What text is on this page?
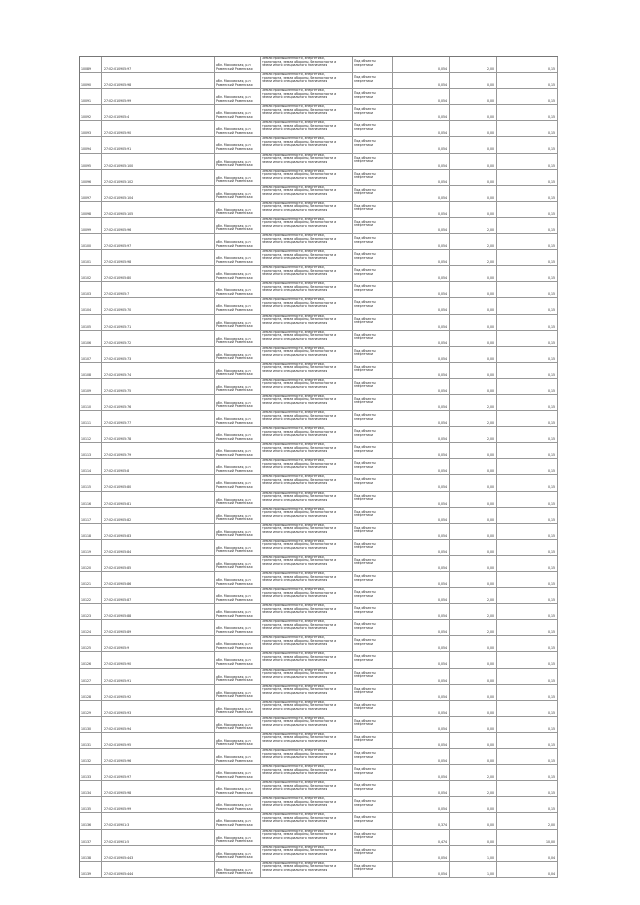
10089	27:02:010905:97
обл. Московская, р-н
Раменский Раменская
Земли промышленности, энергетики,
транспорта, земли обороны, безопасности и
земли иного специального назначения
Под объекты
энергетики
0,054	2,00	0,15
10090	27:02:010905:98
обл. Московская, р-н
Раменский Раменская
Земли промышленности, энергетики,
транспорта, земли обороны, безопасности и
земли иного специального назначения
Под объекты
энергетики
0,054	0,00	0,15
10091	27:02:010905:99
обл. Московская, р-н
Раменский Раменская
Земли промышленности, энергетики,
транспорта, земли обороны, безопасности и
земли иного специального назначения
Под объекты
энергетики
0,054	0,00	0,15
10092	27:02:010905:4
обл. Московская, р-н
Раменский Раменская
Земли промышленности, энергетики,
транспорта, земли обороны, безопасности и
земли иного специального назначения
Под объекты
энергетики
0,054	0,00	0,15
10093	27:02:010905:90
обл. Московская, р-н
Раменский Раменская
Земли промышленности, энергетики,
транспорта, земли обороны, безопасности и
земли иного специального назначения
Под объекты
энергетики
0,054	0,00	0,15
10094	27:02:010905:91
обл. Московская, р-н
Раменский Раменская
Земли промышленности, энергетики,
транспорта, земли обороны, безопасности и
земли иного специального назначения
Под объекты
энергетики
0,054	0,00	0,15
10095	27:02:010905:100
обл. Московская, р-н
Раменский Раменская
Земли промышленности, энергетики,
транспорта, земли обороны, безопасности и
земли иного специального назначения
Под объекты
энергетики
0,054	0,00	0,15
10096	27:02:010905:102
обл. Московская, р-н
Раменский Раменская
Земли промышленности, энергетики,
транспорта, земли обороны, безопасности и
земли иного специального назначения
Под объекты
энергетики
0,054	0,00	0,15
10097	27:02:010905:104
обл. Московская, р-н
Раменский Раменская
Земли промышленности, энергетики,
транспорта, земли обороны, безопасности и
земли иного специального назначения
Под объекты
энергетики
0,054	0,00	0,15
10098	27:02:010905:105
обл. Московская, р-н
Раменский Раменская
Земли промышленности, энергетики,
транспорта, земли обороны, безопасности и
земли иного специального назначения
Под объекты
энергетики
0,054	0,00	0,15
10099	27:02:010905:96
обл. Московская, р-н
Раменский Раменская
Земли промышленности, энергетики,
транспорта, земли обороны, безопасности и
земли иного специального назначения
Под объекты
энергетики
0,054	2,00	0,15
10100	27:02:010905:97
обл. Московская, р-н
Раменский Раменская
Земли промышленности, энергетики,
транспорта, земли обороны, безопасности и
земли иного специального назначения
Под объекты
энергетики
0,054	2,00	0,15
10101	27:02:010905:98
обл. Московская, р-н
Раменский Раменская
Земли промышленности, энергетики,
транспорта, земли обороны, безопасности и
земли иного специального назначения
Под объекты
энергетики
0,054	2,00	0,15
10102	27:02:010905:80
обл. Московская, р-н
Раменский Раменская
Земли промышленности, энергетики,
транспорта, земли обороны, безопасности и
земли иного специального назначения
Под объекты
энергетики
0,054	0,00	0,15
10103	27:02:010905:7
обл. Московская, р-н
Раменский Раменская
Земли промышленности, энергетики,
транспорта, земли обороны, безопасности и
земли иного специального назначения
Под объекты
энергетики
0,054	0,00	0,15
10104	27:02:010905:70
обл. Московская, р-н
Раменский Раменская
Земли промышленности, энергетики,
транспорта, земли обороны, безопасности и
земли иного специального назначения
Под объекты
энергетики
0,054	0,00	0,15
10105	27:02:010905:71
обл. Московская, р-н
Раменский Раменская
Земли промышленности, энергетики,
транспорта, земли обороны, безопасности и
земли иного специального назначения
Под объекты
энергетики
0,054	0,00	0,15
10106	27:02:010905:72
обл. Московская, р-н
Раменский Раменская
Земли промышленности, энергетики,
транспорта, земли обороны, безопасности и
земли иного специального назначения
Под объекты
энергетики
0,054	0,00	0,15
10107	27:02:010905:73
обл. Московская, р-н
Раменский Раменская
Земли промышленности, энергетики,
транспорта, земли обороны, безопасности и
земли иного специального назначения
Под объекты
энергетики
0,054	0,00	0,15
10108	27:02:010905:74
обл. Московская, р-н
Раменский Раменская
Земли промышленности, энергетики,
транспорта, земли обороны, безопасности и
земли иного специального назначения
Под объекты
энергетики
0,054	0,00	0,15
10109	27:02:010905:75
обл. Московская, р-н
Раменский Раменская
Земли промышленности, энергетики,
транспорта, земли обороны, безопасности и
земли иного специального назначения
Под объекты
энергетики
0,054	0,00	0,15
10110	27:02:010905:76
обл. Московская, р-н
Раменский Раменская
Земли промышленности, энергетики,
транспорта, земли обороны, безопасности и
земли иного специального назначения
Под объекты
энергетики
0,054	2,00	0,15
10111	27:02:010905:77
обл. Московская, р-н
Раменский Раменская
Земли промышленности, энергетики,
транспорта, земли обороны, безопасности и
земли иного специального назначения
Под объекты
энергетики
0,054	2,00	0,15
10112	27:02:010905:78
обл. Московская, р-н
Раменский Раменская
Земли промышленности, энергетики,
транспорта, земли обороны, безопасности и
земли иного специального назначения
Под объекты
энергетики
0,054	2,00	0,15
10113	27:02:010905:79
обл. Московская, р-н
Раменский Раменская
Земли промышленности, энергетики,
транспорта, земли обороны, безопасности и
земли иного специального назначения
Под объекты
энергетики
0,054	0,00	0,15
10114	27:02:010905:8
обл. Московская, р-н
Раменский Раменская
Земли промышленности, энергетики,
транспорта, земли обороны, безопасности и
земли иного специального назначения
Под объекты
энергетики
0,054	0,00	0,15
10115	27:02:010905:80
обл. Московская, р-н
Раменский Раменская
Земли промышленности, энергетики,
транспорта, земли обороны, безопасности и
земли иного специального назначения
Под объекты
энергетики
0,054	0,00	0,15
10116	27:02:010905:81
обл. Московская, р-н
Раменский Раменская
Земли промышленности, энергетики,
транспорта, земли обороны, безопасности и
земли иного специального назначения
Под объекты
энергетики
0,054	0,00	0,15
10117	27:02:010905:82
обл. Московская, р-н
Раменский Раменская
Земли промышленности, энергетики,
транспорта, земли обороны, безопасности и
земли иного специального назначения
Под объекты
энергетики
0,054	0,00	0,15
10118	27:02:010905:83
обл. Московская, р-н
Раменский Раменская
Земли промышленности, энергетики,
транспорта, земли обороны, безопасности и
земли иного специального назначения
Под объекты
энергетики
0,054	0,00	0,15
10119	27:02:010905:84
обл. Московская, р-н
Раменский Раменская
Земли промышленности, энергетики,
транспорта, земли обороны, безопасности и
земли иного специального назначения
Под объекты
энергетики
0,054	0,00	0,15
10120	27:02:010905:85
обл. Московская, р-н
Раменский Раменская
Земли промышленности, энергетики,
транспорта, земли обороны, безопасности и
земли иного специального назначения
Под объекты
энергетики
0,054	0,00	0,15
10121	27:02:010905:86
обл. Московская, р-н
Раменский Раменская
Земли промышленности, энергетики,
транспорта, земли обороны, безопасности и
земли иного специального назначения
Под объекты
энергетики
0,054	0,00	0,15
10122	27:02:010905:87
обл. Московская, р-н
Раменский Раменская
Земли промышленности, энергетики,
транспорта, земли обороны, безопасности и
земли иного специального назначения
Под объекты
энергетики
0,054	2,00	0,15
10123	27:02:010905:88
обл. Московская, р-н
Раменский Раменская
Земли промышленности, энергетики,
транспорта, земли обороны, безопасности и
земли иного специального назначения
Под объекты
энергетики
0,054	2,00	0,15
10124	27:02:010905:89
обл. Московская, р-н
Раменский Раменская
Земли промышленности, энергетики,
транспорта, земли обороны, безопасности и
земли иного специального назначения
Под объекты
энергетики
0,054	2,00	0,15
10125	27:02:010905:9
обл. Московская, р-н
Раменский Раменская
Земли промышленности, энергетики,
транспорта, земли обороны, безопасности и
земли иного специального назначения
Под объекты
энергетики
0,054	0,00	0,15
10126	27:02:010905:90
обл. Московская, р-н
Раменский Раменская
Земли промышленности, энергетики,
транспорта, земли обороны, безопасности и
земли иного специального назначения
Под объекты
энергетики
0,054	0,00	0,15
10127	27:02:010905:91
обл. Московская, р-н
Раменский Раменская
Земли промышленности, энергетики,
транспорта, земли обороны, безопасности и
земли иного специального назначения
Под объекты
энергетики
0,054	0,00	0,15
10128	27:02:010905:92
обл. Московская, р-н
Раменский Раменская
Земли промышленности, энергетики,
транспорта, земли обороны, безопасности и
земли иного специального назначения
Под объекты
энергетики
0,054	0,00	0,15
10129	27:02:010905:93
обл. Московская, р-н
Раменский Раменская
Земли промышленности, энергетики,
транспорта, земли обороны, безопасности и
земли иного специального назначения
Под объекты
энергетики
0,054	0,00	0,15
10130	27:02:010905:94
обл. Московская, р-н
Раменский Раменская
Земли промышленности, энергетики,
транспорта, земли обороны, безопасности и
земли иного специального назначения
Под объекты
энергетики
0,054	0,00	0,15
10131	27:02:010905:95
обл. Московская, р-н
Раменский Раменская
Земли промышленности, энергетики,
транспорта, земли обороны, безопасности и
земли иного специального назначения
Под объекты
энергетики
0,054	0,00	0,15
10132	27:02:010905:96
обл. Московская, р-н
Раменский Раменская
Земли промышленности, энергетики,
транспорта, земли обороны, безопасности и
земли иного специального назначения
Под объекты
энергетики
0,054	0,00	0,15
10133	27:02:010905:97
обл. Московская, р-н
Раменский Раменская
Земли промышленности, энергетики,
транспорта, земли обороны, безопасности и
земли иного специального назначения
Под объекты
энергетики
0,054	2,00	0,15
10134	27:02:010905:98
обл. Московская, р-н
Раменский Раменская
Земли промышленности, энергетики,
транспорта, земли обороны, безопасности и
земли иного специального назначения
Под объекты
энергетики
0,054	2,00	0,15
10135	27:02:010905:99
обл. Московская, р-н
Раменский Раменская
Земли промышленности, энергетики,
транспорта, земли обороны, безопасности и
земли иного специального назначения
Под объекты
энергетики
0,054	0,00	0,15
10136	27:02:010901:3
обл. Московская, р-н
Раменский Раменская
Земли промышленности, энергетики,
транспорта, земли обороны, безопасности и
земли иного специального назначения
Под объекты
энергетики
0,374	0,00	2,00
10137	27:02:010901:5
обл. Московская, р-н
Раменский Раменская
Земли промышленности, энергетики,
транспорта, земли обороны, безопасности и
земли иного специального назначения
Под объекты
энергетики
0,474	0,00	10,00
10138	27:02:010905:443
обл. Московская, р-н
Раменский Раменская
Земли промышленности, энергетики,
транспорта, земли обороны, безопасности и
земли иного специального назначения
Под объекты
энергетики
0,054	1,00	0,04
10139	27:02:010905:444
обл. Московская, р-н
Раменский Раменская
Земли промышленности, энергетики,
транспорта, земли обороны, безопасности и
земли иного специального назначения
Под объекты
энергетики
0,054	1,00	0,04
